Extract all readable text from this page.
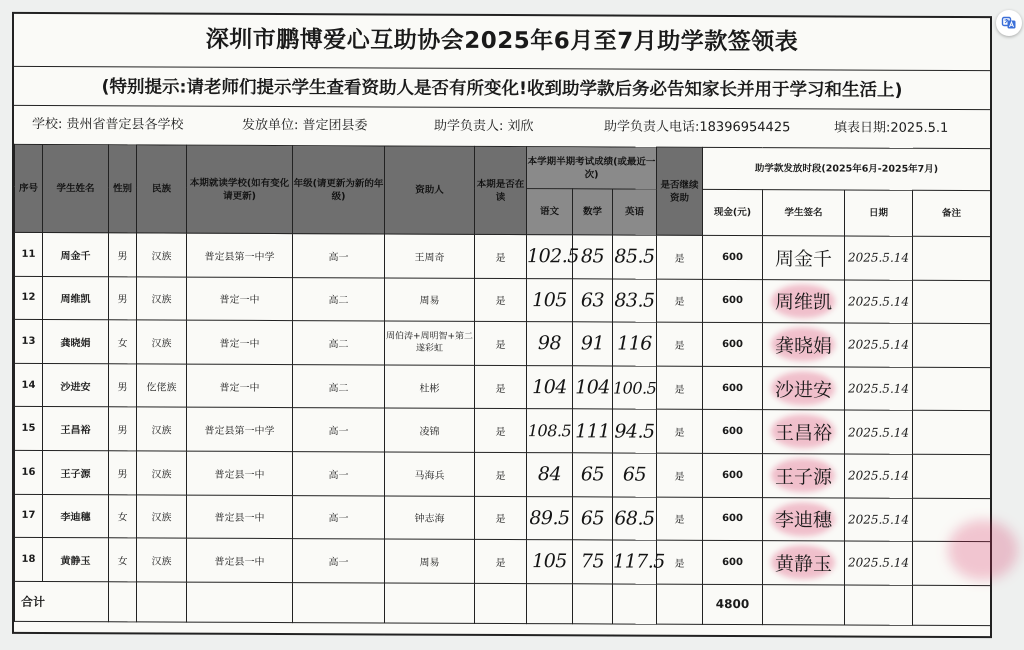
深圳市鹏博爱心互助协会2025年6月至7月助学款签领表
(特别提示:请老师们提示学生查看资助人是否有所变化!收到助学款后务必告知家长并用于学习和生活上)
学校: 贵州省普定县各学校	发放单位: 普定团县委	助学负责人: 刘欣	助学负责人电话:18396954425	填表日期:2025.5.1
序号	学生姓名	性别	民族	本期就读学校(如有变化请更新)	年级(请更新为新的年级)	资助人	本期是否在读	本学期半期考试成绩(或最近一次)			是否继续资助	助学款发放时段(2025年6月-2025年7月)			
								语文	数学	英语		现金(元)	学生签名	日期	备注
11	周金千	男	汉族	普定县第一中学	高一	王周奇	是	102.5	85	85.5	是	600	周金千	2025.5.14	
12	周维凯	男	汉族	普定一中	高二	周易	是	105	63	83.5	是	600	周维凯	2025.5.14	
13	龚晓娟	女	汉族	普定一中	高二	周伯涛+周明智+第二遂彩虹	是	98	91	116	是	600	龚晓娟	2025.5.14	
14	沙进安	男	仡佬族	普定一中	高二	杜彬	是	104	104	100.5	是	600	沙进安	2025.5.14	
15	王昌裕	男	汉族	普定县第一中学	高一	凌锦	是	108.5	111	94.5	是	600	王昌裕	2025.5.14	
16	王子源	男	汉族	普定县一中	高一	马海兵	是	84	65	65	是	600	王子源	2025.5.14	
17	李迪穗	女	汉族	普定县一中	高一	钟志海	是	89.5	65	68.5	是	600	李迪穗	2025.5.14	
18	黄静玉	女	汉族	普定县一中	高一	周易	是	105	75	117.5	是	600	黄静玉	2025.5.14	
合计												4800			
